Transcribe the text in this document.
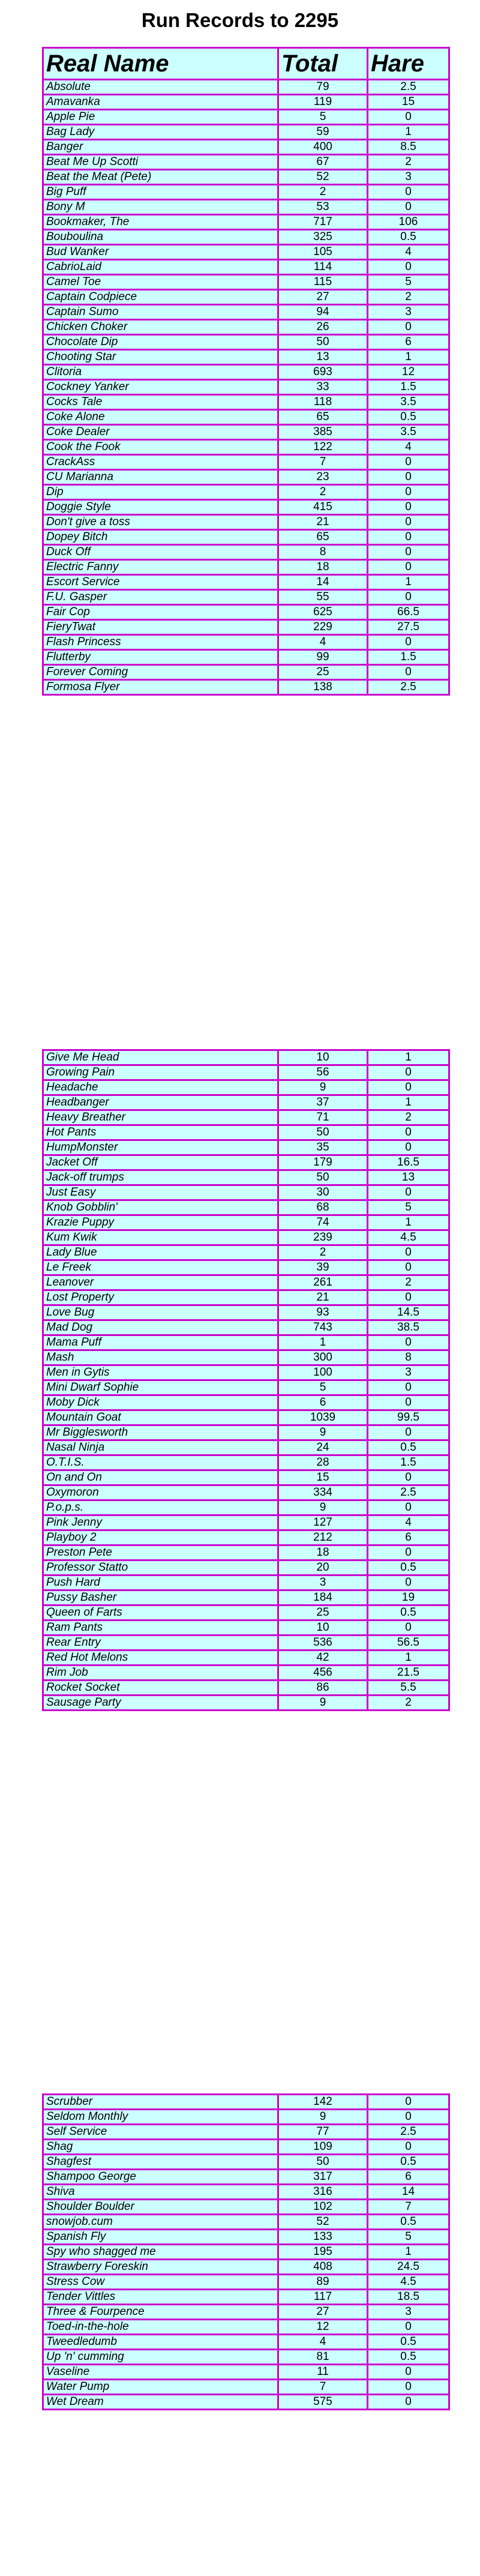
Run Records to 2295
Real Name	Total	Hare
Absolute	79	2.5
Amavanka	119	15
Apple Pie	5	0
Bag Lady	59	1
Banger	400	8.5
Beat Me Up Scotti	67	2
Beat the Meat (Pete)	52	3
Big Puff	2	0
Bony M	53	0
Bookmaker, The	717	106
Bouboulina	325	0.5
Bud Wanker	105	4
CabrioLaid	114	0
Camel Toe	115	5
Captain Codpiece	27	2
Captain Sumo	94	3
Chicken Choker	26	0
Chocolate Dip	50	6
Chooting Star	13	1
Clitoria	693	12
Cockney Yanker	33	1.5
Cocks Tale	118	3.5
Coke Alone	65	0.5
Coke Dealer	385	3.5
Cook the Fook	122	4
CrackAss	7	0
CU Marianna	23	0
Dip	2	0
Doggie Style	415	0
Don't give a toss	21	0
Dopey Bitch	65	0
Duck Off	8	0
Electric Fanny	18	0
Escort Service	14	1
F.U. Gasper	55	0
Fair Cop	625	66.5
FieryTwat	229	27.5
Flash Princess	4	0
Flutterby	99	1.5
Forever Coming	25	0
Formosa Flyer	138	2.5
Give Me Head	10	1
Growing Pain	56	0
Headache	9	0
Headbanger	37	1
Heavy Breather	71	2
Hot Pants	50	0
HumpMonster	35	0
Jacket Off	179	16.5
Jack-off trumps	50	13
Just Easy	30	0
Knob Gobblin'	68	5
Krazie Puppy	74	1
Kum Kwik	239	4.5
Lady Blue	2	0
Le Freek	39	0
Leanover	261	2
Lost Property	21	0
Love Bug	93	14.5
Mad Dog	743	38.5
Mama Puff	1	0
Mash	300	8
Men in Gytis	100	3
Mini Dwarf Sophie	5	0
Moby Dick	6	0
Mountain Goat	1039	99.5
Mr Bigglesworth	9	0
Nasal Ninja	24	0.5
O.T.I.S.	28	1.5
On and On	15	0
Oxymoron	334	2.5
P.o.p.s.	9	0
Pink Jenny	127	4
Playboy 2	212	6
Preston Pete	18	0
Professor Statto	20	0.5
Push Hard	3	0
Pussy Basher	184	19
Queen of Farts	25	0.5
Ram Pants	10	0
Rear Entry	536	56.5
Red Hot Melons	42	1
Rim Job	456	21.5
Rocket Socket	86	5.5
Sausage Party	9	2
Scrubber	142	0
Seldom Monthly	9	0
Self Service	77	2.5
Shag	109	0
Shagfest	50	0.5
Shampoo George	317	6
Shiva	316	14
Shoulder Boulder	102	7
snowjob.cum	52	0.5
Spanish Fly	133	5
Spy who shagged me	195	1
Strawberry Foreskin	408	24.5
Stress Cow	89	4.5
Tender Vittles	117	18.5
Three & Fourpence	27	3
Toed-in-the-hole	12	0
Tweedledumb	4	0.5
Up 'n' cumming	81	0.5
Vaseline	11	0
Water Pump	7	0
Wet Dream	575	0
